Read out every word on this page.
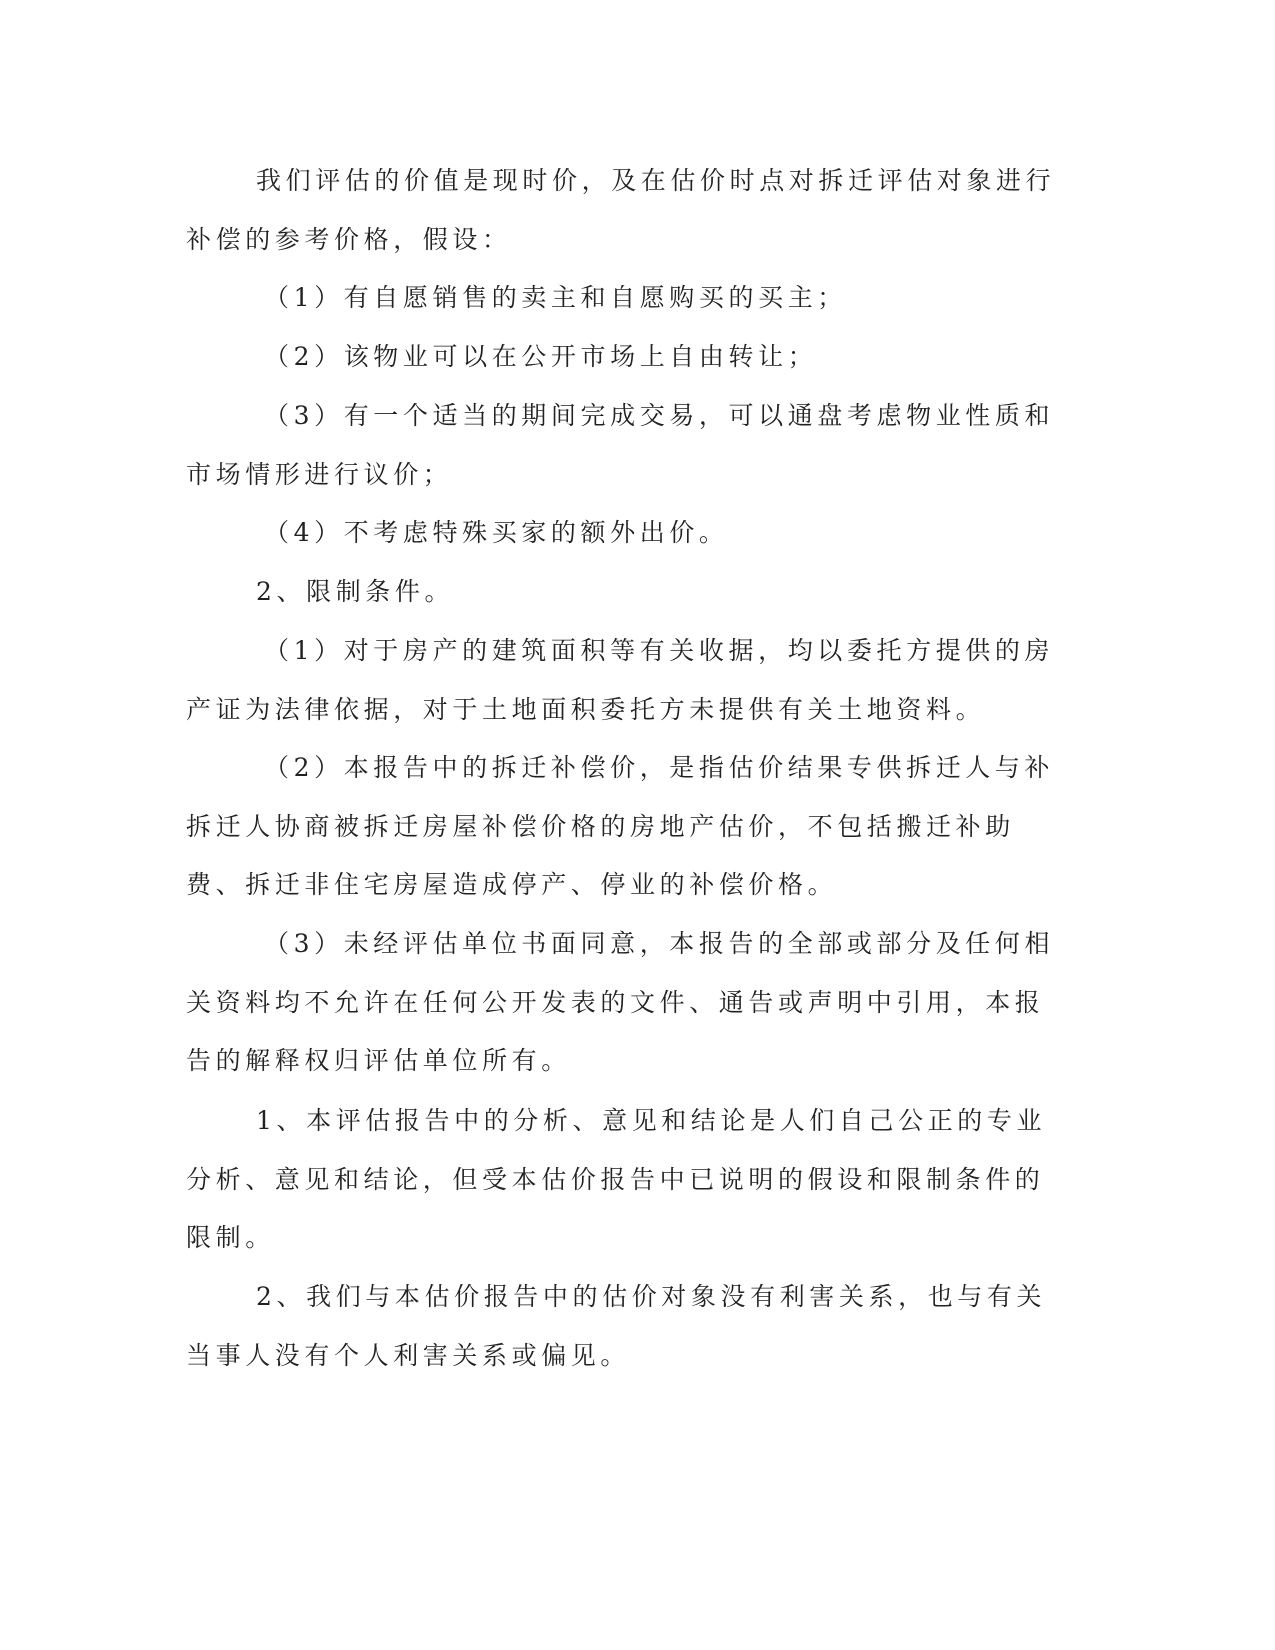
我们评估的价值是现时价，及在估价时点对拆迁评估对象进行补偿的参考价格，假设：

（1）有自愿销售的卖主和自愿购买的买主；

（2）该物业可以在公开市场上自由转让；

（3）有一个适当的期间完成交易，可以通盘考虑物业性质和市场情形进行议价；

（4）不考虑特殊买家的额外出价。

2、限制条件。

（1）对于房产的建筑面积等有关收据，均以委托方提供的房产证为法律依据，对于土地面积委托方未提供有关土地资料。

（2）本报告中的拆迁补偿价，是指估价结果专供拆迁人与补拆迁人协商被拆迁房屋补偿价格的房地产估价，不包括搬迁补助费、拆迁非住宅房屋造成停产、停业的补偿价格。

（3）未经评估单位书面同意，本报告的全部或部分及任何相关资料均不允许在任何公开发表的文件、通告或声明中引用，本报告的解释权归评估单位所有。

1、本评估报告中的分析、意见和结论是人们自己公正的专业分析、意见和结论，但受本估价报告中已说明的假设和限制条件的限制。

2、我们与本估价报告中的估价对象没有利害关系，也与有关当事人没有个人利害关系或偏见。
